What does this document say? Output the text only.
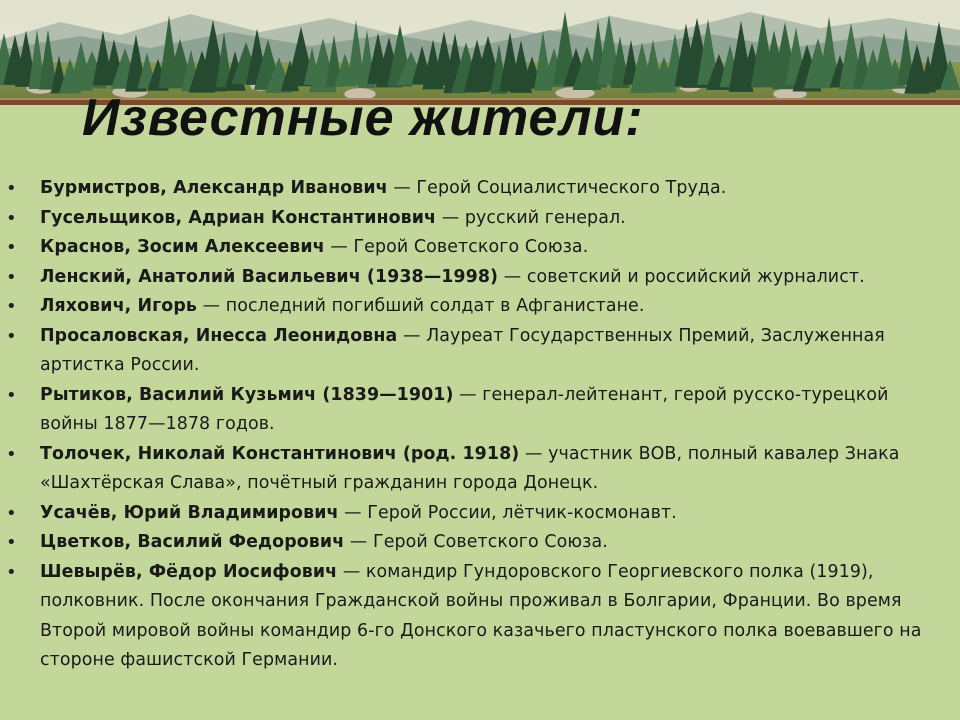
Известные жители:
• Бурмистров, Александр Иванович — Герой Социалистического Труда.
• Гусельщиков, Адриан Константинович — русский генерал.
• Краснов, Зосим Алексеевич — Герой Советского Союза.
• Ленский, Анатолий Васильевич (1938—1998) — советский и российский журналист.
• Ляхович, Игорь — последний погибший солдат в Афганистане.
• Просаловская, Инесса Леонидовна — Лауреат Государственных Премий, Заслуженная артистка России.
• Рытиков, Василий Кузьмич (1839—1901) — генерал-лейтенант, герой русско-турецкой войны 1877—1878 годов.
• Толочек, Николай Константинович (род. 1918) — участник ВОВ, полный кавалер Знака «Шахтёрская Слава», почётный гражданин города Донецк.
• Усачёв, Юрий Владимирович — Герой России, лётчик-космонавт.
• Цветков, Василий Федорович — Герой Советского Союза.
• Шевырёв, Фёдор Иосифович — командир Гундоровского Георгиевского полка (1919), полковник. После окончания Гражданской войны проживал в Болгарии, Франции. Во время Второй мировой войны командир 6-го Донского казачьего пластунского полка воевавшего на стороне фашистской Германии.
